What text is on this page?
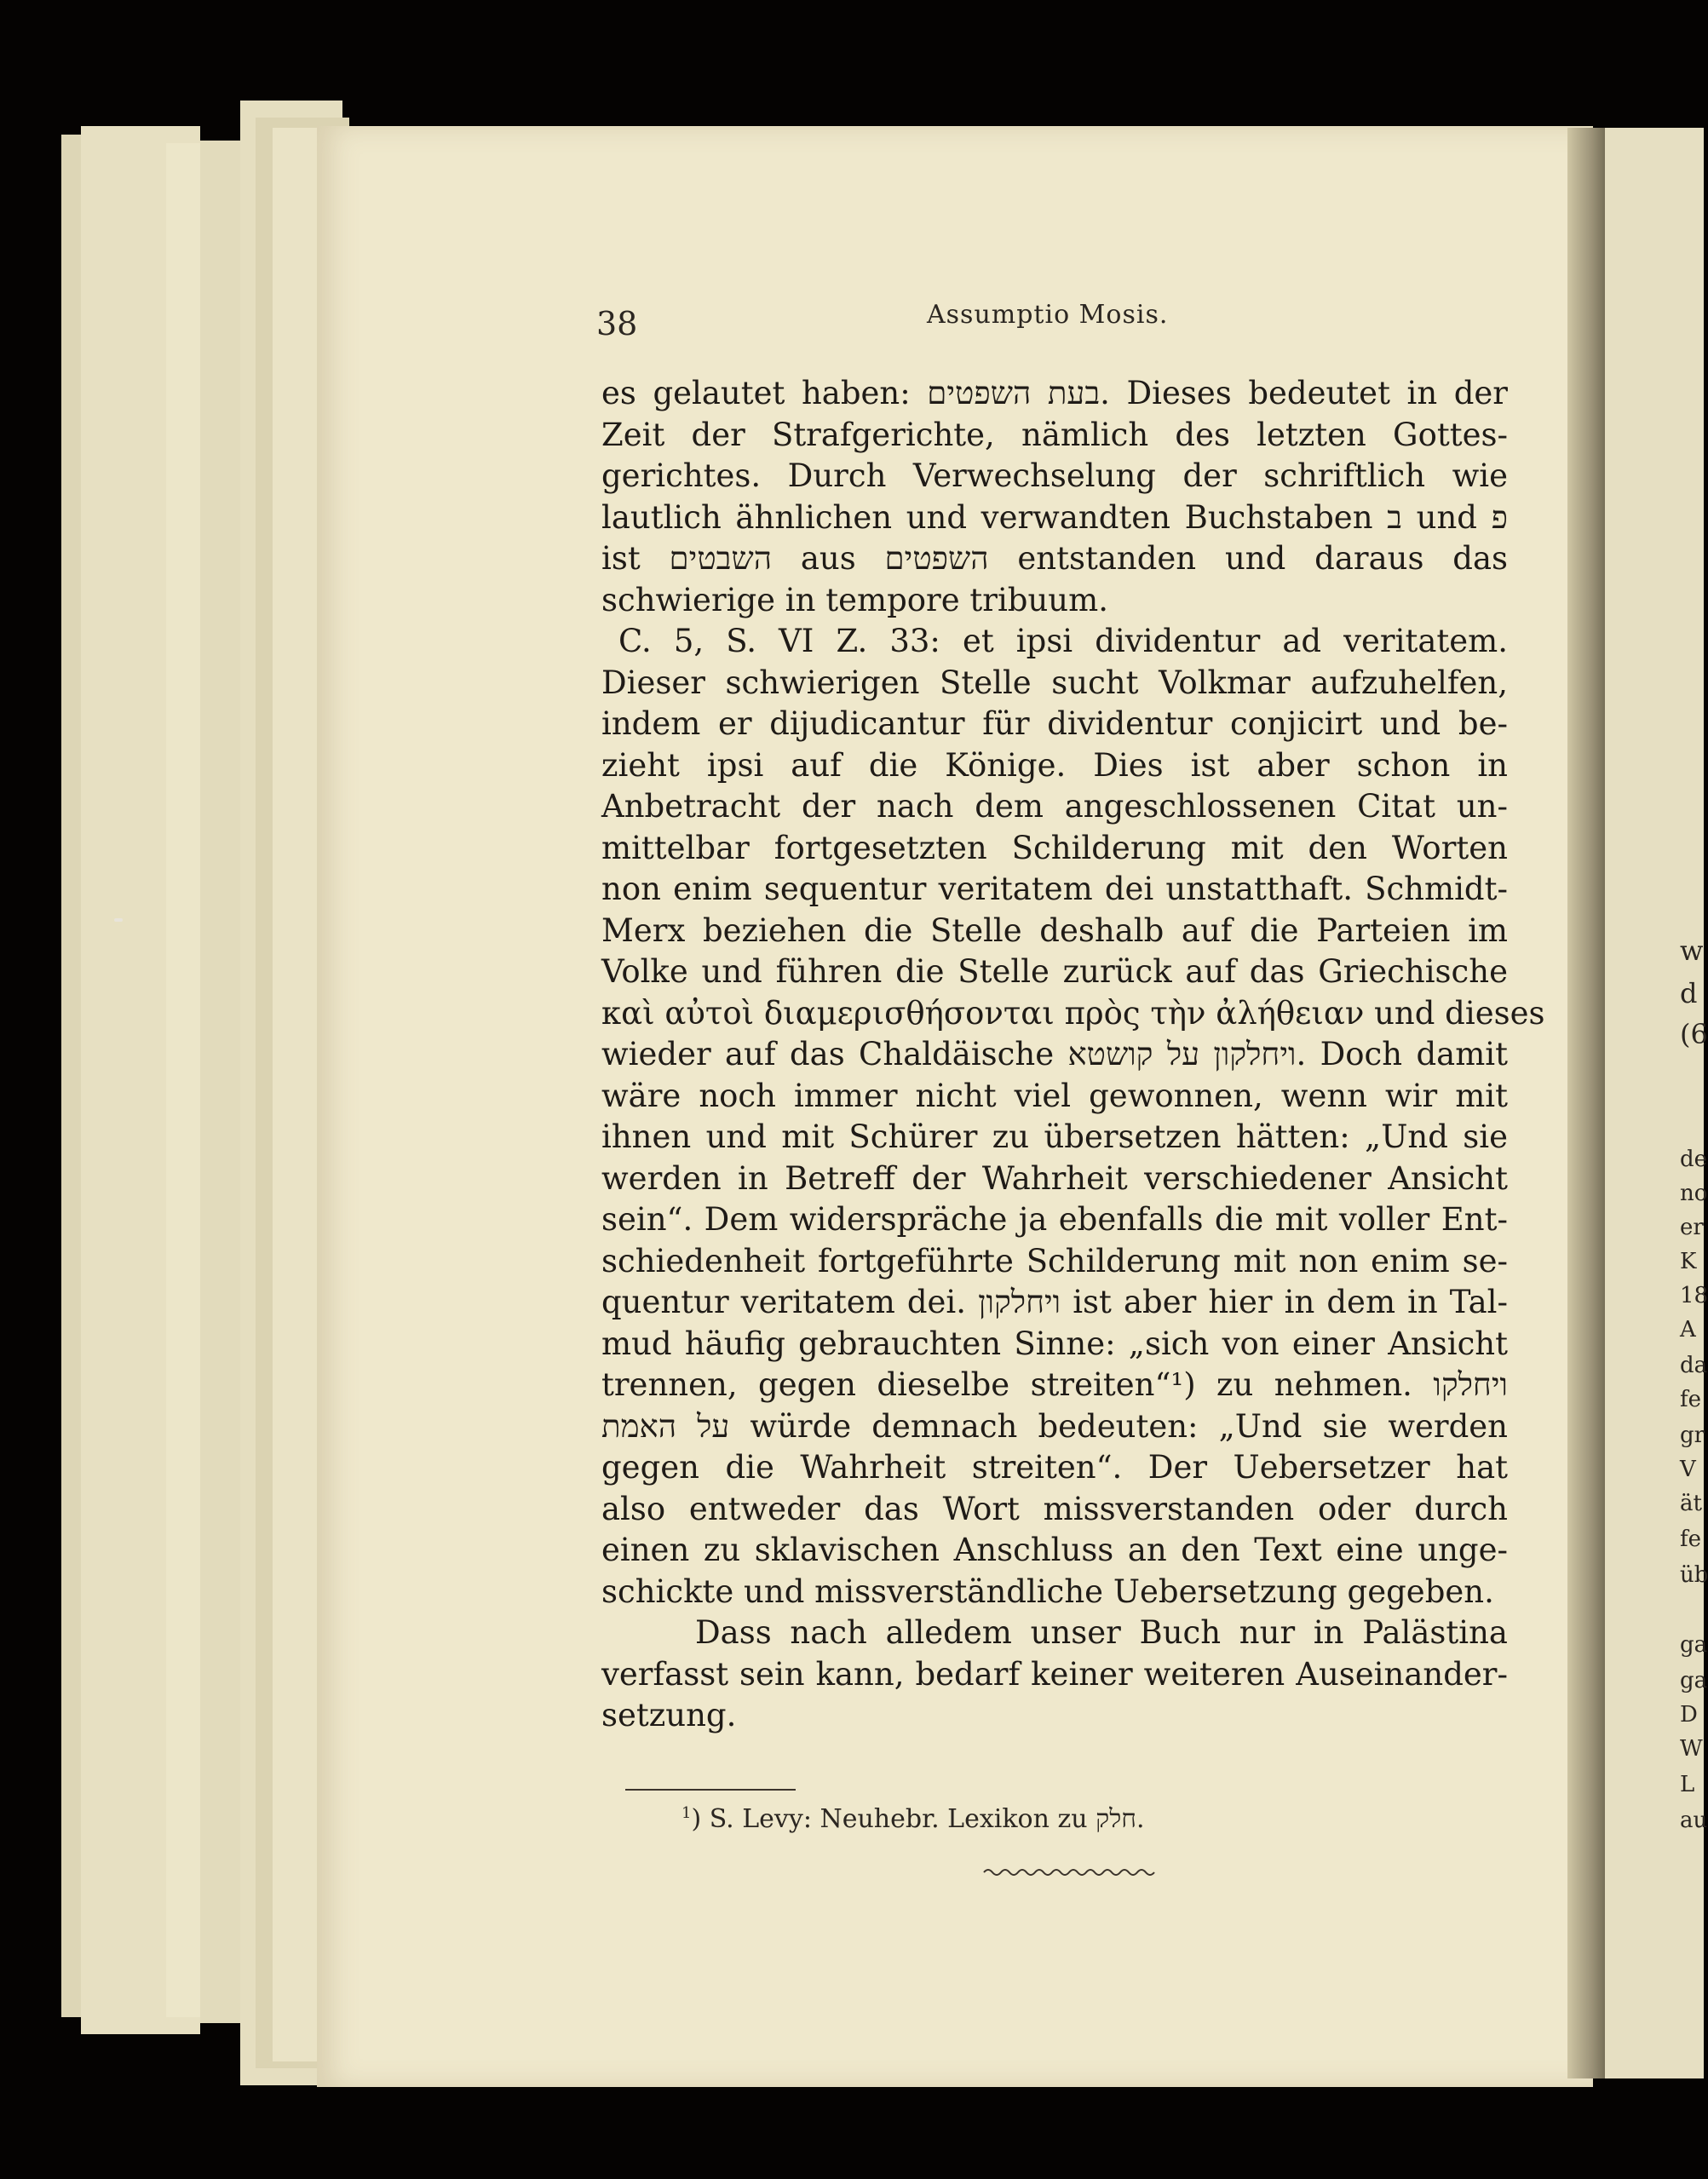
w
d
(6
de
no
er
K
18
A
da
fe
gr
V
ät
fe
üb
ga
ga
D
W
L
au
38	Assumptio Mosis.
es gelautet haben: בעת השפטים. Dieses bedeutet in der
Zeit der Strafgerichte, nämlich des letzten Gottes-
gerichtes. Durch Verwechselung der schriftlich wie
lautlich ähnlichen und verwandten Buchstaben ב und פ
ist השבטים aus השפטים entstanden und daraus das
schwierige in tempore tribuum.
C. 5, S. VI Z. 33: et ipsi dividentur ad veritatem.
Dieser schwierigen Stelle sucht Volkmar aufzuhelfen,
indem er dijudicantur für dividentur conjicirt und be-
zieht ipsi auf die Könige. Dies ist aber schon in
Anbetracht der nach dem angeschlossenen Citat un-
mittelbar fortgesetzten Schilderung mit den Worten
non enim sequentur veritatem dei unstatthaft. Schmidt-
Merx beziehen die Stelle deshalb auf die Parteien im
Volke und führen die Stelle zurück auf das Griechische
καὶ αὐτοὶ διαμερισθήσονται πρὸς τὴν ἀλήθειαν und dieses
wieder auf das Chaldäische ויחלקון על קושטא. Doch damit
wäre noch immer nicht viel gewonnen, wenn wir mit
ihnen und mit Schürer zu übersetzen hätten: „Und sie
werden in Betreff der Wahrheit verschiedener Ansicht
sein“. Dem widerspräche ja ebenfalls die mit voller Ent-
schiedenheit fortgeführte Schilderung mit non enim se-
quentur veritatem dei. ויחלקון ist aber hier in dem in Tal-
mud häufig gebrauchten Sinne: „sich von einer Ansicht
trennen, gegen dieselbe streiten“¹) zu nehmen. ויחלקו
על האמת würde demnach bedeuten: „Und sie werden
gegen die Wahrheit streiten“. Der Uebersetzer hat
also entweder das Wort missverstanden oder durch
einen zu sklavischen Anschluss an den Text eine unge-
schickte und missverständliche Uebersetzung gegeben.
Dass nach alledem unser Buch nur in Palästina
verfasst sein kann, bedarf keiner weiteren Auseinander-
setzung.
$^1$) S. Levy: Neuhebr. Lexikon zu חלק.
